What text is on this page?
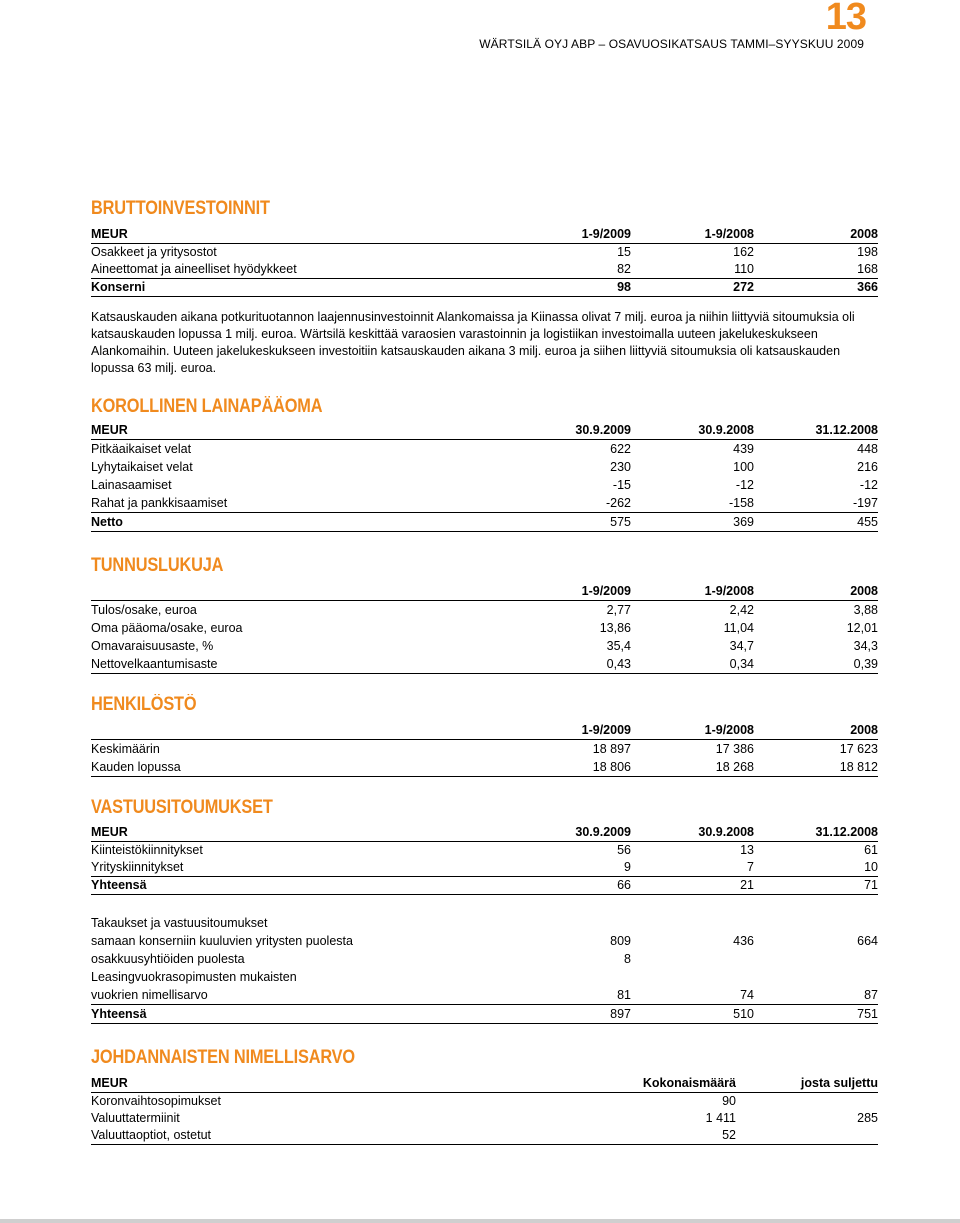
13
WÄRTSILÄ OYJ ABP – OSAVUOSIKATSAUS TAMMI–SYYSKUU 2009
BRUTTOINVESTOINNIT
MEUR	1-9/2009	1-9/2008	2008
Osakkeet ja yritysostot	15	162	198
Aineettomat ja aineelliset hyödykkeet	82	110	168
Konserni	98	272	366

Katsauskauden aikana potkurituotannon laajennusinvestoinnit Alankomaissa ja Kiinassa olivat 7 milj. euroa ja niihin liittyviä sitoumuksia oli katsauskauden lopussa 1 milj. euroa. Wärtsilä keskittää varaosien varastoinnin ja logistiikan investoimalla uuteen jakelukeskukseen Alankomaihin. Uuteen jakelukeskukseen investoitiin katsauskauden aikana 3 milj. euroa ja siihen liittyviä sitoumuksia oli katsauskauden lopussa 63 milj. euroa.

KOROLLINEN LAINAPÄÄOMA
MEUR	30.9.2009	30.9.2008	31.12.2008
Pitkäaikaiset velat	622	439	448
Lyhytaikaiset velat	230	100	216
Lainasaamiset	-15	-12	-12
Rahat ja pankkisaamiset	-262	-158	-197
Netto	575	369	455
TUNNUSLUKUJA
	1-9/2009	1-9/2008	2008
Tulos/osake, euroa	2,77	2,42	3,88
Oma pääoma/osake, euroa	13,86	11,04	12,01
Omavaraisuusaste, %	35,4	34,7	34,3
Nettovelkaantumisaste	0,43	0,34	0,39
HENKILÖSTÖ
	1-9/2009	1-9/2008	2008
Keskimäärin	18 897	17 386	17 623
Kauden lopussa	18 806	18 268	18 812
VASTUUSITOUMUKSET
MEUR	30.9.2009	30.9.2008	31.12.2008
Kiinteistökiinnitykset	56	13	61
Yrityskiinnitykset	9	7	10
Yhteensä	66	21	71
Takaukset ja vastuusitoumukset			
samaan konserniin kuuluvien yritysten puolesta	809	436	664
osakkuusyhtiöiden puolesta	8		
Leasingvuokrasopimusten mukaisten			
vuokrien nimellisarvo	81	74	87
Yhteensä	897	510	751
JOHDANNAISTEN NIMELLISARVO
MEUR	Kokonaismäärä	josta suljettu
Koronvaihtosopimukset	90	
Valuuttatermiinit	1 411	285
Valuuttaoptiot, ostetut	52	
